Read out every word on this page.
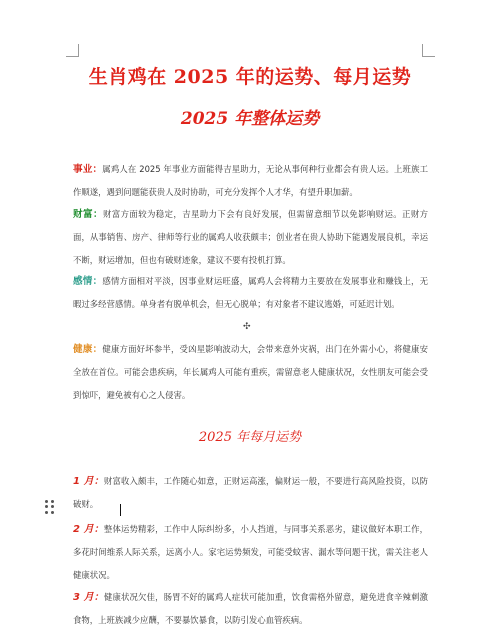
生肖鸡在 2025 年的运势、每月运势
2025 年整体运势
事业：属鸡人在 2025 年事业方面能得吉星助力，无论从事何种行业都会有贵人运。上班族工作顺遂，遇到问题能获贵人及时协助，可充分发挥个人才华，有望升职加薪。
财富：财富方面较为稳定，吉星助力下会有良好发展，但需留意细节以免影响财运。正财方面，从事销售、房产、律师等行业的属鸡人收获颇丰；创业者在贵人协助下能遇发展良机，幸运不断，财运增加，但也有破财迹象，建议不要有投机打算。
感情：感情方面相对平淡，因事业财运旺盛，属鸡人会将精力主要放在发展事业和赚钱上，无暇过多经营感情。单身者有脱单机会，但无心脱单；有对象者不建议逃婚，可延迟计划。
✣
健康：健康方面好坏参半，受凶星影响波动大，会带来意外灾祸，出门在外需小心，将健康安全放在首位。可能会患疾病，年长属鸡人可能有重疾，需留意老人健康状况，女性朋友可能会受到惊吓，避免被有心之人侵害。
2025 年每月运势
1 月：财富收入颇丰，工作随心如意，正财运高涨，偏财运一般，不要进行高风险投资，以防破财。
2 月：整体运势精彩，工作中人际纠纷多，小人挡道，与同事关系恶劣，建议做好本职工作，多花时间维系人际关系，远离小人。家宅运势频发，可能受蚊害、漏水等问题干扰，需关注老人健康状况。
3 月：健康状况欠佳，肠胃不好的属鸡人症状可能加重，饮食需格外留意，避免进食辛辣刺激食物，上班族减少应酬，不要暴饮暴食，以防引发心血管疾病。
